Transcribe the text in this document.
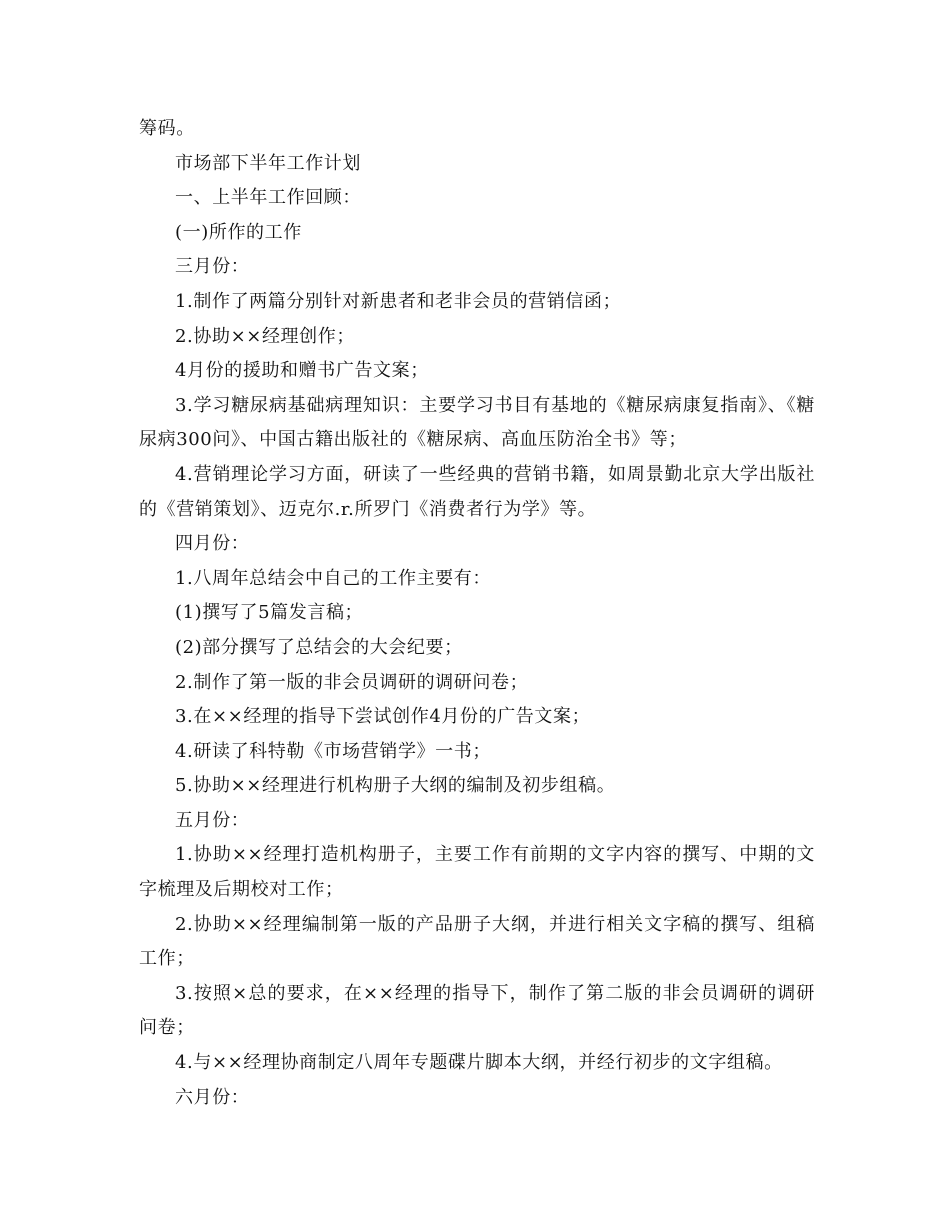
筹码。

市场部下半年工作计划

一、上半年工作回顾：

(一)所作的工作

三月份：

1.制作了两篇分别针对新患者和老非会员的营销信函；

2.协助××经理创作；

4月份的援助和赠书广告文案；

3.学习糖尿病基础病理知识：主要学习书目有基地的《糖尿病康复指南》、《糖尿病300问》、中国古籍出版社的《糖尿病、高血压防治全书》等；

4.营销理论学习方面，研读了一些经典的营销书籍，如周景勤北京大学出版社的《营销策划》、迈克尔.r.所罗门《消费者行为学》等。

四月份：

1.八周年总结会中自己的工作主要有：

(1)撰写了5篇发言稿；

(2)部分撰写了总结会的大会纪要；

2.制作了第一版的非会员调研的调研问卷；

3.在××经理的指导下尝试创作4月份的广告文案；

4.研读了科特勒《市场营销学》一书；

5.协助××经理进行机构册子大纲的编制及初步组稿。

五月份：

1.协助××经理打造机构册子，主要工作有前期的文字内容的撰写、中期的文字梳理及后期校对工作；

2.协助××经理编制第一版的产品册子大纲，并进行相关文字稿的撰写、组稿工作；

3.按照×总的要求，在××经理的指导下，制作了第二版的非会员调研的调研问卷；

4.与××经理协商制定八周年专题碟片脚本大纲，并经行初步的文字组稿。

六月份：
